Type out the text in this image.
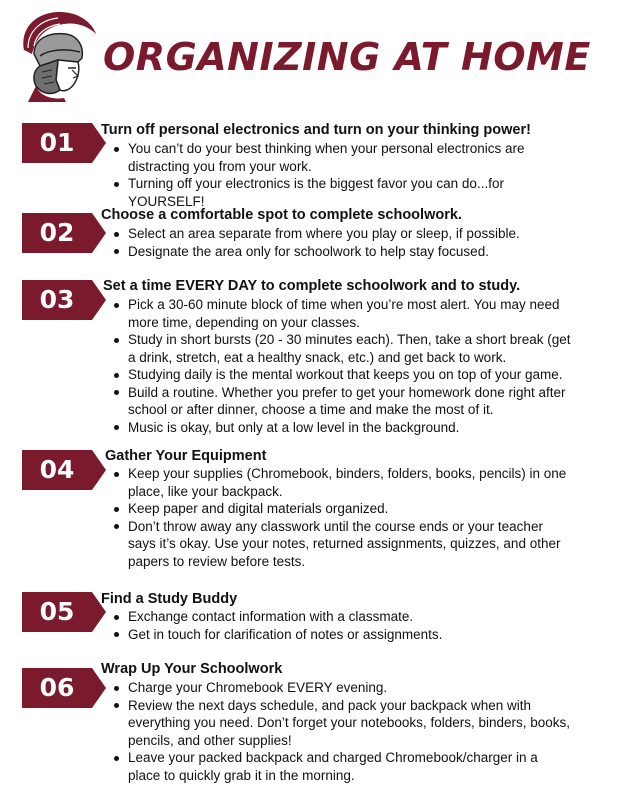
ORGANIZING AT HOME
01	Turn off personal electronics and turn on your thinking power!
You can’t do your best thinking when your personal electronics are distracting you from your work.
Turning off your electronics is the biggest favor you can do...for YOURSELF!
02
Choose a comfortable spot to complete schoolwork.
Select an area separate from where you play or sleep, if possible.
Designate the area only for schoolwork to help stay focused.
03	Set a time EVERY DAY to complete schoolwork and to study.
Pick a 30-60 minute block of time when you’re most alert. You may need more time, depending on your classes.
Study in short bursts (20 - 30 minutes each). Then, take a short break (get a drink, stretch, eat a healthy snack, etc.) and get back to work.
Studying daily is the mental workout that keeps you on top of your game.
Build a routine. Whether you prefer to get your homework done right after school or after dinner, choose a time and make the most of it.
Music is okay, but only at a low level in the background.
04	Gather Your Equipment
Keep your supplies (Chromebook, binders, folders, books, pencils) in one place, like your backpack.
Keep paper and digital materials organized.
Don’t throw away any classwork until the course ends or your teacher says it’s okay. Use your notes, returned assignments, quizzes, and other papers to review before tests.
05	Find a Study Buddy
Exchange contact information with a classmate.
Get in touch for clarification of notes or assignments.
06
Wrap Up Your Schoolwork
Charge your Chromebook EVERY evening.
Review the next days schedule, and pack your backpack when with everything you need. Don’t forget your notebooks, folders, binders, books, pencils, and other supplies!
Leave your packed backpack and charged Chromebook/charger in a place to quickly grab it in the morning.
